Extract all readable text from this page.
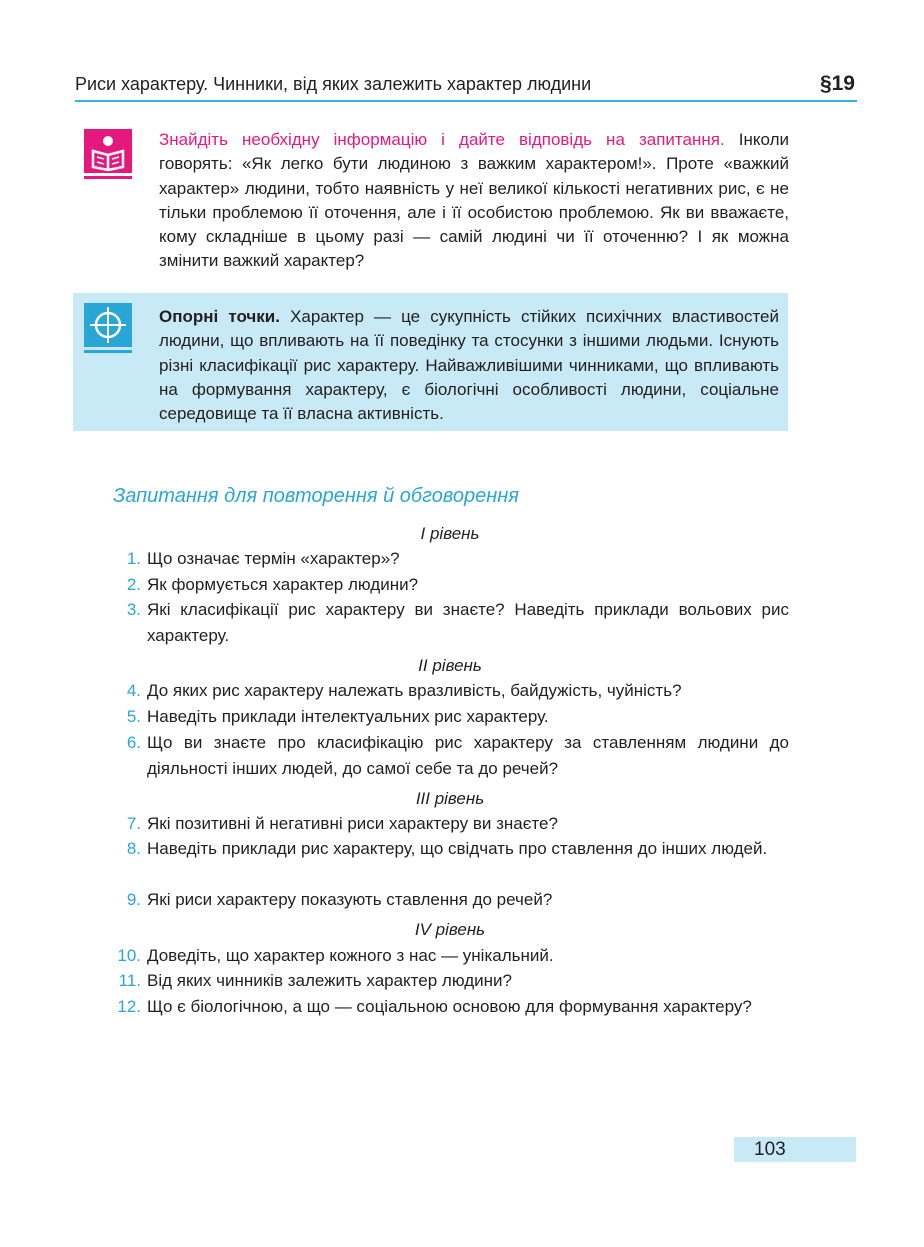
Риси характеру. Чинники, від яких залежить характер людини	§19
Знайдіть необхідну інформацію і дайте відповідь на запитання. Інколи говорять: «Як легко бути людиною з важким характером!». Проте «важкий характер» людини, тобто наявність у неї великої кількості негативних рис, є не тільки проблемою її оточення, але і її особистою проблемою. Як ви вважаєте, кому складніше в цьому разі — самій людині чи її оточенню? І як можна змінити важкий характер?
Опорні точки. Характер — це сукупність стійких психічних властивостей людини, що впливають на її поведінку та стосунки з іншими людьми. Існують різні класифікації рис характеру. Найважливішими чинниками, що впливають на формування характеру, є біологічні особливості людини, соціальне середовище та її власна активність.
Запитання для повторення й обговорення
I рівень
1. Що означає термін «характер»?
2. Як формується характер людини?
3. Які класифікації рис характеру ви знаєте? Наведіть приклади вольових рис характеру.
II рівень
4. До яких рис характеру належать вразливість, байдужість, чуйність?
5. Наведіть приклади інтелектуальних рис характеру.
6. Що ви знаєте про класифікацію рис характеру за ставленням людини до діяльності інших людей, до самої себе та до речей?
III рівень
7. Які позитивні й негативні риси характеру ви знаєте?
8. Наведіть приклади рис характеру, що свідчать про ставлення до інших людей.
9. Які риси характеру показують ставлення до речей?
IV рівень
10. Доведіть, що характер кожного з нас — унікальний.
11. Від яких чинників залежить характер людини?
12. Що є біологічною, а що — соціальною основою для формування характеру?
103
